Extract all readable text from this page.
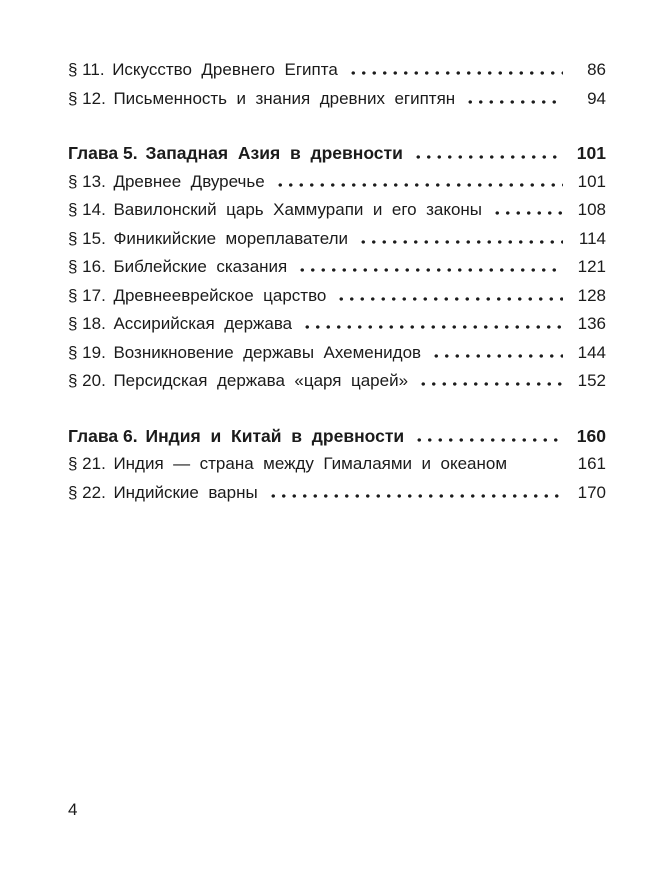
§ 11. Искусство Древнего Египта	86
§ 12. Письменность и знания древних египтян	94
Глава 5. Западная Азия в древности	101
§ 13. Древнее Двуречье	101
§ 14. Вавилонский царь Хаммурапи и его законы	108
§ 15. Финикийские мореплаватели	114
§ 16. Библейские сказания	121
§ 17. Древнееврейское царство	128
§ 18. Ассирийская держава	136
§ 19. Возникновение державы Ахеменидов	144
§ 20. Персидская держава «царя царей»	152
Глава 6. Индия и Китай в древности	160
§ 21. Индия — страна между Гималаями и океаном	161
§ 22. Индийские варны	170
4
